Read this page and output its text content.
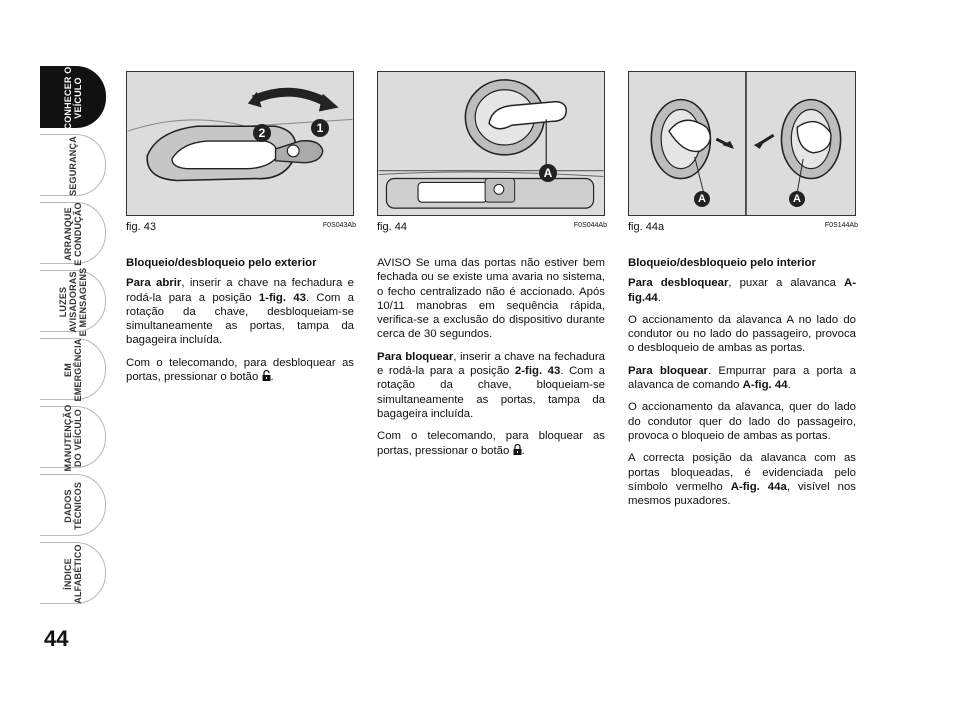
CONHECER O
VEÍCULO
SEGURANÇA
ARRANQUE
E CONDUÇÃO
LUZES
AVISADORAS
E MENSAGENS
EM
EMERGÊNCIA
MANUTENÇÃO
DO VEÍCULO
DADOS
TÉCNICOS
ÍNDICE
ALFABÉTICO
44
2	1
fig. 43	F0S043Ab
A
fig. 44	F0S044Ab
A	A
fig. 44a	F0S144Ab

Bloqueio/desbloqueio pelo exterior

Para abrir, inserir a chave na fechadura e rodá-la para a posição 1-fig. 43. Com a rotação da chave, desbloqueiam-se simultaneamente as portas, tampa da bagageira incluída.

Com o telecomando, para desbloquear as portas, pressionar o botão .

AVISO Se uma das portas não estiver bem fechada ou se existe uma avaria no sistema, o fecho centralizado não é accionado. Após 10/11 manobras em sequência rápida, verifica-se a exclusão do dispositivo durante cerca de 30 segundos.

Para bloquear, inserir a chave na fechadura e rodá-la para a posição 2-fig. 43. Com a rotação da chave, bloqueiam-se simultaneamente as portas, tampa da bagageira incluída.

Com o telecomando, para bloquear as portas, pressionar o botão .

Bloqueio/desbloqueio pelo interior

Para desbloquear, puxar a alavanca A-fig.44.

O accionamento da alavanca A no lado do condutor ou no lado do passageiro, provoca o desbloqueio de ambas as portas.

Para bloquear. Empurrar para a porta a alavanca de comando A-fig. 44.

O accionamento da alavanca, quer do lado do condutor quer do lado do passageiro, provoca o bloqueio de ambas as portas.

A correcta posição da alavanca com as portas bloqueadas, é evidenciada pelo símbolo vermelho A-fig. 44a, visível nos mesmos puxadores.
